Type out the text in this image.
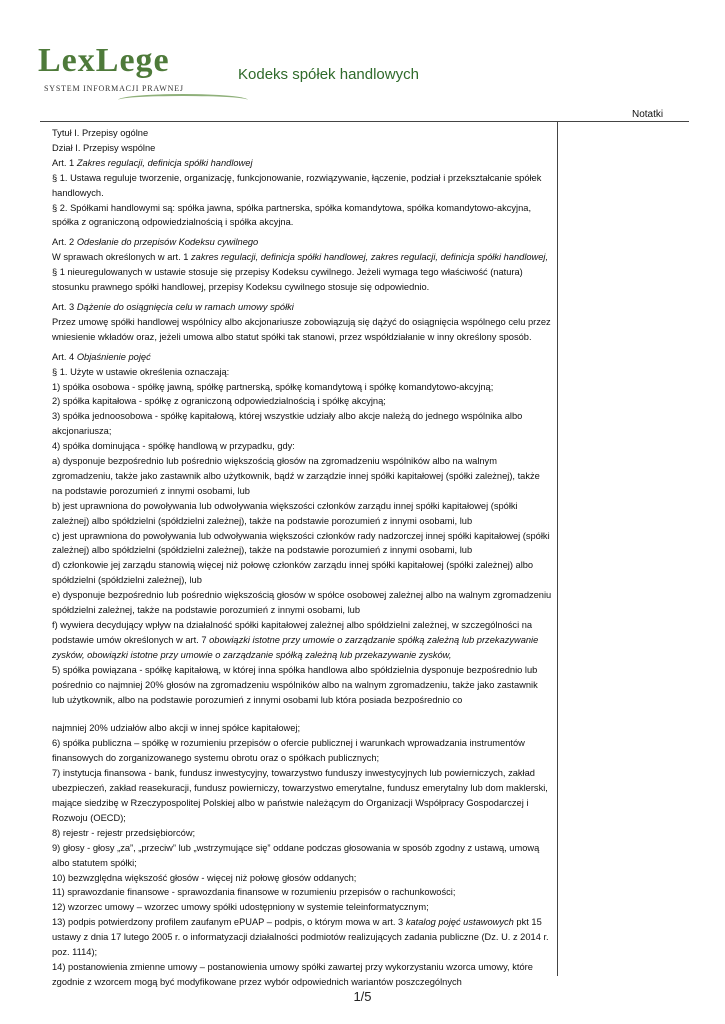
LexLege
SYSTEM INFORMACJI PRAWNEJ
Kodeks spółek handlowych
Notatki

Tytuł I. Przepisy ogólne

Dział I. Przepisy wspólne

Art. 1 Zakres regulacji, definicja spółki handlowej

§ 1. Ustawa reguluje tworzenie, organizację, funkcjonowanie, rozwiązywanie, łączenie, podział i przekształcanie spółek handlowych.

§ 2. Spółkami handlowymi są: spółka jawna, spółka partnerska, spółka komandytowa, spółka komandytowo-akcyjna, spółka z ograniczoną odpowiedzialnością i spółka akcyjna.

Art. 2 Odesłanie do przepisów Kodeksu cywilnego

W sprawach określonych w art. 1 zakres regulacji, definicja spółki handlowej, zakres regulacji, definicja spółki handlowej, § 1 nieuregulowanych w ustawie stosuje się przepisy Kodeksu cywilnego. Jeżeli wymaga tego właściwość (natura) stosunku prawnego spółki handlowej, przepisy Kodeksu cywilnego stosuje się odpowiednio.

Art. 3 Dążenie do osiągnięcia celu w ramach umowy spółki

Przez umowę spółki handlowej wspólnicy albo akcjonariusze zobowiązują się dążyć do osiągnięcia wspólnego celu przez wniesienie wkładów oraz, jeżeli umowa albo statut spółki tak stanowi, przez współdziałanie w inny określony sposób.

Art. 4 Objaśnienie pojęć

§ 1. Użyte w ustawie określenia oznaczają:

1) spółka osobowa - spółkę jawną, spółkę partnerską, spółkę komandytową i spółkę komandytowo-akcyjną;

2) spółka kapitałowa - spółkę z ograniczoną odpowiedzialnością i spółkę akcyjną;

3) spółka jednoosobowa - spółkę kapitałową, której wszystkie udziały albo akcje należą do jednego wspólnika albo akcjonariusza;

4) spółka dominująca - spółkę handlową w przypadku, gdy:

a) dysponuje bezpośrednio lub pośrednio większością głosów na zgromadzeniu wspólników albo na walnym zgromadzeniu, także jako zastawnik albo użytkownik, bądź w zarządzie innej spółki kapitałowej (spółki zależnej), także na podstawie porozumień z innymi osobami, lub

b) jest uprawniona do powoływania lub odwoływania większości członków zarządu innej spółki kapitałowej (spółki zależnej) albo spółdzielni (spółdzielni zależnej), także na podstawie porozumień z innymi osobami, lub

c) jest uprawniona do powoływania lub odwoływania większości członków rady nadzorczej innej spółki kapitałowej (spółki zależnej) albo spółdzielni (spółdzielni zależnej), także na podstawie porozumień z innymi osobami, lub

d) członkowie jej zarządu stanowią więcej niż połowę członków zarządu innej spółki kapitałowej (spółki zależnej) albo spółdzielni (spółdzielni zależnej), lub

e) dysponuje bezpośrednio lub pośrednio większością głosów w spółce osobowej zależnej albo na walnym zgromadzeniu spółdzielni zależnej, także na podstawie porozumień z innymi osobami, lub

f) wywiera decydujący wpływ na działalność spółki kapitałowej zależnej albo spółdzielni zależnej, w szczególności na podstawie umów określonych w art. 7 obowiązki istotne przy umowie o zarządzanie spółką zależną lub przekazywanie zysków, obowiązki istotne przy umowie o zarządzanie spółką zależną lub przekazywanie zysków,

5) spółka powiązana - spółkę kapitałową, w której inna spółka handlowa albo spółdzielnia dysponuje bezpośrednio lub pośrednio co najmniej 20% głosów na zgromadzeniu wspólników albo na walnym zgromadzeniu, także jako zastawnik lub użytkownik, albo na podstawie porozumień z innymi osobami lub która posiada bezpośrednio co

najmniej 20% udziałów albo akcji w innej spółce kapitałowej;

6) spółka publiczna – spółkę w rozumieniu przepisów o ofercie publicznej i warunkach wprowadzania instrumentów finansowych do zorganizowanego systemu obrotu oraz o spółkach publicznych;

7) instytucja finansowa - bank, fundusz inwestycyjny, towarzystwo funduszy inwestycyjnych lub powierniczych, zakład ubezpieczeń, zakład reasekuracji, fundusz powierniczy, towarzystwo emerytalne, fundusz emerytalny lub dom maklerski, mające siedzibę w Rzeczypospolitej Polskiej albo w państwie należącym do Organizacji Współpracy Gospodarczej i Rozwoju (OECD);

8) rejestr - rejestr przedsiębiorców;

9) głosy - głosy „za”, „przeciw” lub „wstrzymujące się” oddane podczas głosowania w sposób zgodny z ustawą, umową albo statutem spółki;

10) bezwzględna większość głosów - więcej niż połowę głosów oddanych;

11) sprawozdanie finansowe - sprawozdania finansowe w rozumieniu przepisów o rachunkowości;

12) wzorzec umowy – wzorzec umowy spółki udostępniony w systemie teleinformatycznym;

13) podpis potwierdzony profilem zaufanym ePUAP – podpis, o którym mowa w art. 3 katalog pojęć ustawowych pkt 15 ustawy z dnia 17 lutego 2005 r. o informatyzacji działalności podmiotów realizujących zadania publiczne (Dz. U. z 2014 r. poz. 1114);

14) postanowienia zmienne umowy – postanowienia umowy spółki zawartej przy wykorzystaniu wzorca umowy, które zgodnie z wzorcem mogą być modyfikowane przez wybór odpowiednich wariantów poszczególnych

1/5
